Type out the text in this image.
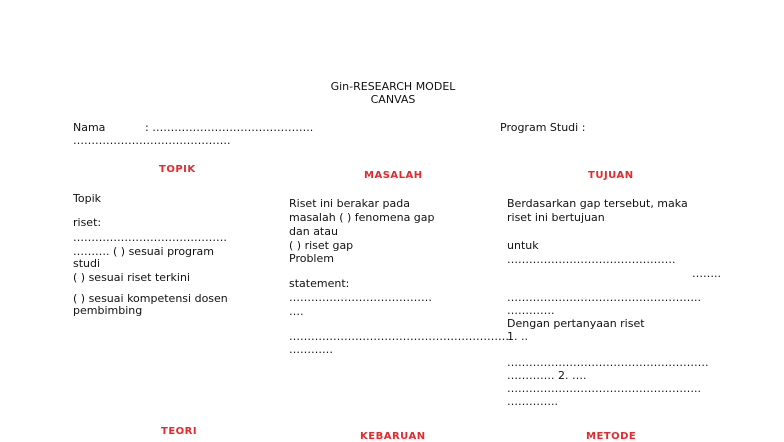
Gin-RESEARCH MODEL
CANVAS
Nama	: ……………………………………..
…………………………………….
Program Studi :
TOPIK
MASALAH	TUJUAN
Topik
riset:
……………………………………
………. ( ) sesuai program
studi
( ) sesuai riset terkini
( ) sesuai kompetensi dosen
pembimbing
Riset ini berakar pada
masalah ( ) fenomena gap
dan atau
( ) riset gap
Problem
statement:
…………………………………
….
……………………………………………………
…………
Berdasarkan gap tersebut, maka
riset ini bertujuan
untuk
……………………………………….
……..
……………………………………………..
………….
Dengan pertanyaan riset
1. ..
……………………………………………….
…………. 2. ….
……………………………………………..
…………..
TEORI	KEBARUAN	METODE
